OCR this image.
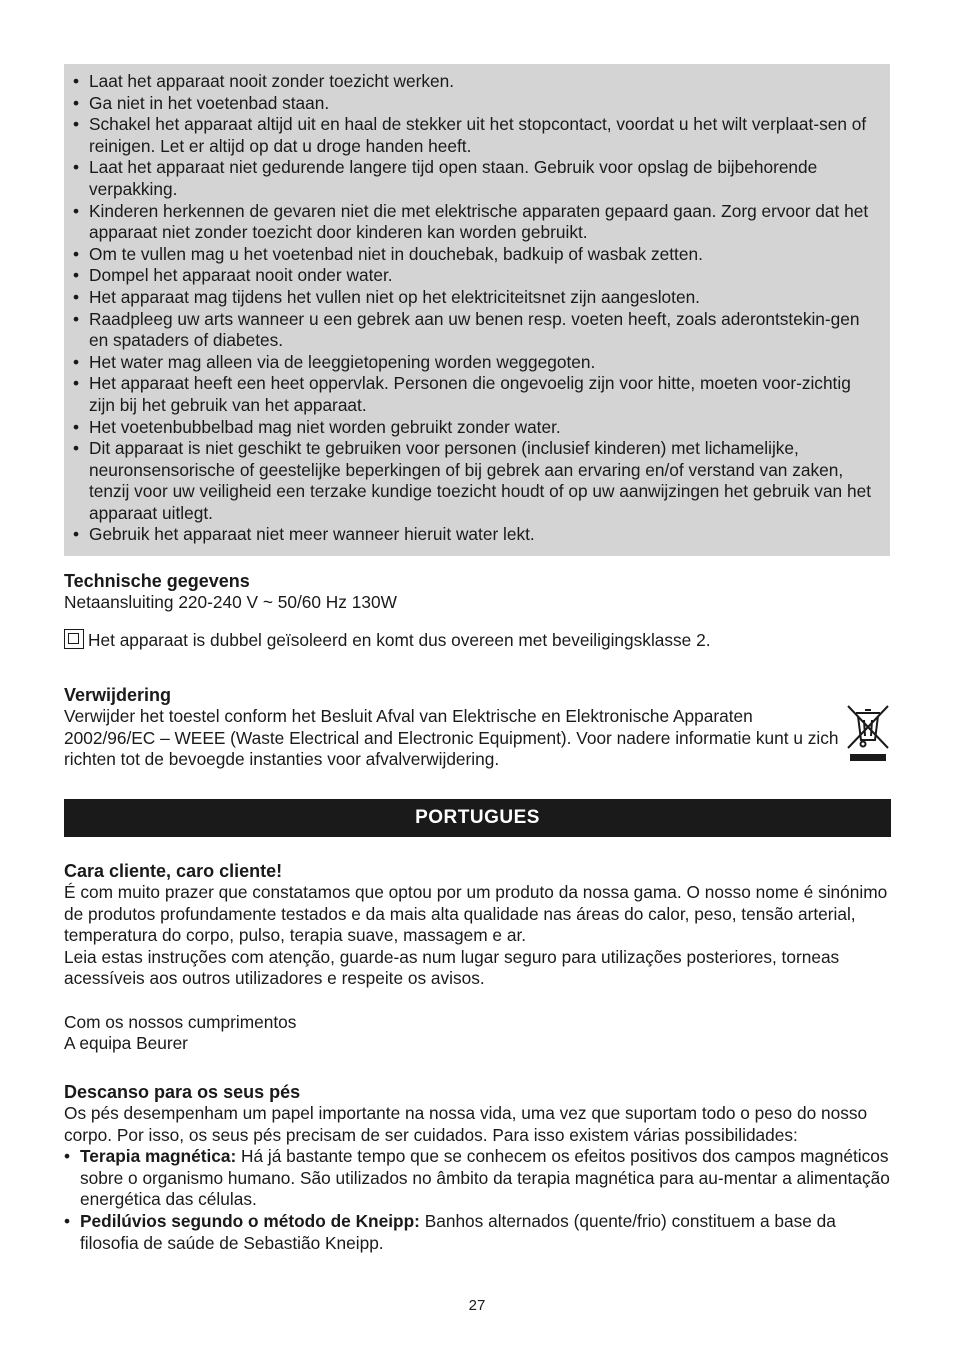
• Laat het apparaat nooit zonder toezicht werken.
• Ga niet in het voetenbad staan.
• Schakel het apparaat altijd uit en haal de stekker uit het stopcontact, voordat u het wilt verplaat-sen of reinigen. Let er altijd op dat u droge handen heeft.
• Laat het apparaat niet gedurende langere tijd open staan. Gebruik voor opslag de bijbehorende verpakking.
• Kinderen herkennen de gevaren niet die met elektrische apparaten gepaard gaan. Zorg ervoor dat het apparaat niet zonder toezicht door kinderen kan worden gebruikt.
• Om te vullen mag u het voetenbad niet in douchebak, badkuip of wasbak zetten.
• Dompel het apparaat nooit onder water.
• Het apparaat mag tijdens het vullen niet op het elektriciteitsnet zijn aangesloten.
• Raadpleeg uw arts wanneer u een gebrek aan uw benen resp. voeten heeft, zoals aderontstekin-gen en spataders of diabetes.
• Het water mag alleen via de leeggietopening worden weggegoten.
• Het apparaat heeft een heet oppervlak. Personen die ongevoelig zijn voor hitte, moeten voor-zichtig zijn bij het gebruik van het apparaat.
• Het voetenbubbelbad mag niet worden gebruikt zonder water.
• Dit apparaat is niet geschikt te gebruiken voor personen (inclusief kinderen) met lichamelijke, neuronsensorische of geestelijke beperkingen of bij gebrek aan ervaring en/of verstand van zaken, tenzij voor uw veiligheid een terzake kundige toezicht houdt of op uw aanwijzingen het gebruik van het apparaat uitlegt.
• Gebruik het apparaat niet meer wanneer hieruit water lekt.
Technische gegevens

Netaansluiting 220-240 V ~ 50/60 Hz 130W

Het apparaat is dubbel geïsoleerd en komt dus overeen met beveiligingsklasse 2.

Verwijdering

Verwijder het toestel conform het Besluit Afval van Elektrische en Elektronische Apparaten 2002/96/EC – WEEE (Waste Electrical and Electronic Equipment). Voor nadere informatie kunt u zich richten tot de bevoegde instanties voor afvalverwijdering.

PORTUGUES
Cara cliente, caro cliente!

É com muito prazer que constatamos que optou por um produto da nossa gama. O nosso nome é sinónimo de produtos profundamente testados e da mais alta qualidade nas áreas do calor, peso, tensão arterial, temperatura do corpo, pulso, terapia suave, massagem e ar.

Leia estas instruções com atenção, guarde-as num lugar seguro para utilizações posteriores, torneas acessíveis aos outros utilizadores e respeite os avisos.

Com os nossos cumprimentos

A equipa Beurer

Descanso para os seus pés

Os pés desempenham um papel importante na nossa vida, uma vez que suportam todo o peso do nosso corpo. Por isso, os seus pés precisam de ser cuidados. Para isso existem várias possibilidades:

• Terapia magnética: Há já bastante tempo que se conhecem os efeitos positivos dos campos magnéticos sobre o organismo humano. São utilizados no âmbito da terapia magnética para au-mentar a alimentação energética das células.
• Pedilúvios segundo o método de Kneipp: Banhos alternados (quente/frio) constituem a base da filosofia de saúde de Sebastião Kneipp.
27
